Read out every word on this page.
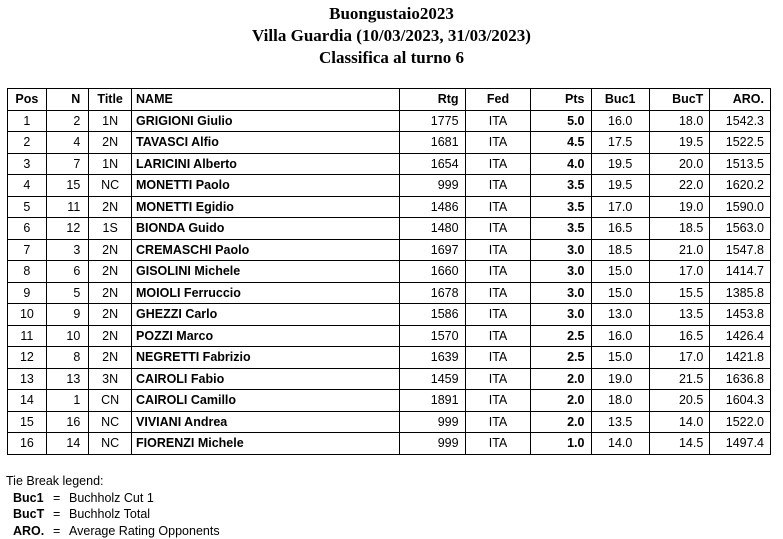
Buongustaio2023
Villa Guardia (10/03/2023, 31/03/2023)
Classifica al turno 6
Pos	N	Title	NAME	Rtg	Fed	Pts	Buc1	BucT	ARO.
1	2	1N	GRIGIONI Giulio	1775	ITA	5.0	16.0	18.0	1542.3
2	4	2N	TAVASCI Alfio	1681	ITA	4.5	17.5	19.5	1522.5
3	7	1N	LARICINI Alberto	1654	ITA	4.0	19.5	20.0	1513.5
4	15	NC	MONETTI Paolo	999	ITA	3.5	19.5	22.0	1620.2
5	11	2N	MONETTI Egidio	1486	ITA	3.5	17.0	19.0	1590.0
6	12	1S	BIONDA Guido	1480	ITA	3.5	16.5	18.5	1563.0
7	3	2N	CREMASCHI Paolo	1697	ITA	3.0	18.5	21.0	1547.8
8	6	2N	GISOLINI Michele	1660	ITA	3.0	15.0	17.0	1414.7
9	5	2N	MOIOLI Ferruccio	1678	ITA	3.0	15.0	15.5	1385.8
10	9	2N	GHEZZI Carlo	1586	ITA	3.0	13.0	13.5	1453.8
11	10	2N	POZZI Marco	1570	ITA	2.5	16.0	16.5	1426.4
12	8	2N	NEGRETTI Fabrizio	1639	ITA	2.5	15.0	17.0	1421.8
13	13	3N	CAIROLI Fabio	1459	ITA	2.0	19.0	21.5	1636.8
14	1	CN	CAIROLI Camillo	1891	ITA	2.0	18.0	20.5	1604.3
15	16	NC	VIVIANI Andrea	999	ITA	2.0	13.5	14.0	1522.0
16	14	NC	FIORENZI Michele	999	ITA	1.0	14.0	14.5	1497.4
Tie Break legend:
Buc1 = Buchholz Cut 1
BucT = Buchholz Total
ARO. = Average Rating Opponents
